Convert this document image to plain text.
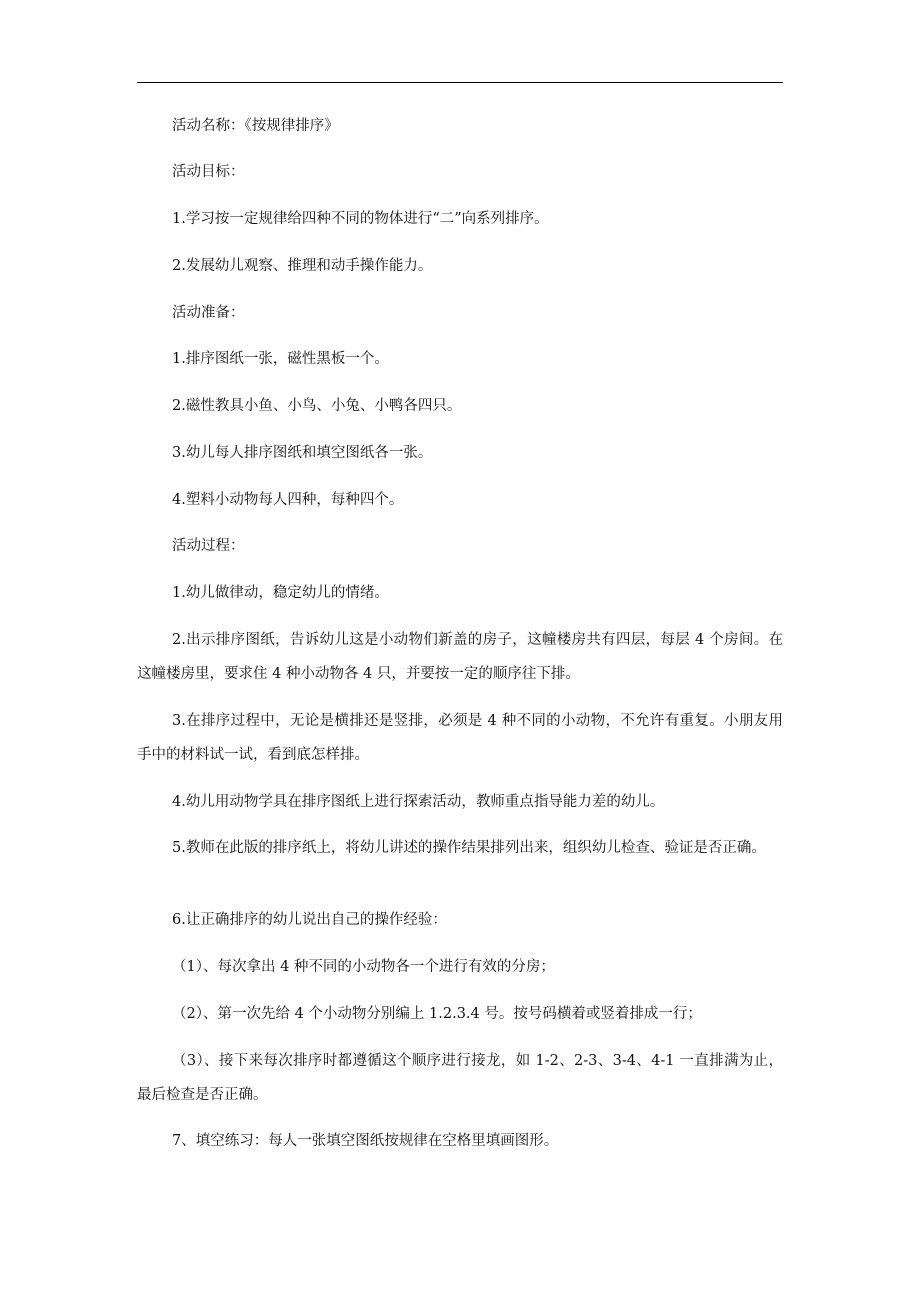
活动名称：《按规律排序》

活动目标：

1.学习按一定规律给四种不同的物体进行“二”向系列排序。

2.发展幼儿观察、推理和动手操作能力。

活动准备：

1.排序图纸一张，磁性黑板一个。

2.磁性教具小鱼、小鸟、小兔、小鸭各四只。

3.幼儿每人排序图纸和填空图纸各一张。

4.塑料小动物每人四种，每种四个。

活动过程：

1.幼儿做律动，稳定幼儿的情绪。

2.出示排序图纸，告诉幼儿这是小动物们新盖的房子，这幢楼房共有四层，每层 4 个房间。在这幢楼房里，要求住 4 种小动物各 4 只，并要按一定的顺序往下排。

3.在排序过程中，无论是横排还是竖排，必须是 4 种不同的小动物，不允许有重复。小朋友用手中的材料试一试，看到底怎样排。

4.幼儿用动物学具在排序图纸上进行探索活动，教师重点指导能力差的幼儿。

5.教师在此版的排序纸上，将幼儿讲述的操作结果排列出来，组织幼儿检查、验证是否正确。

6.让正确排序的幼儿说出自己的操作经验：

（1）、每次拿出 4 种不同的小动物各一个进行有效的分房；

（2）、第一次先给 4 个小动物分别编上 1.2.3.4 号。按号码横着或竖着排成一行；

（3）、接下来每次排序时都遵循这个顺序进行接龙，如 1-2、2-3、3-4、4-1 一直排满为止，最后检查是否正确。

7、填空练习：每人一张填空图纸按规律在空格里填画图形。
